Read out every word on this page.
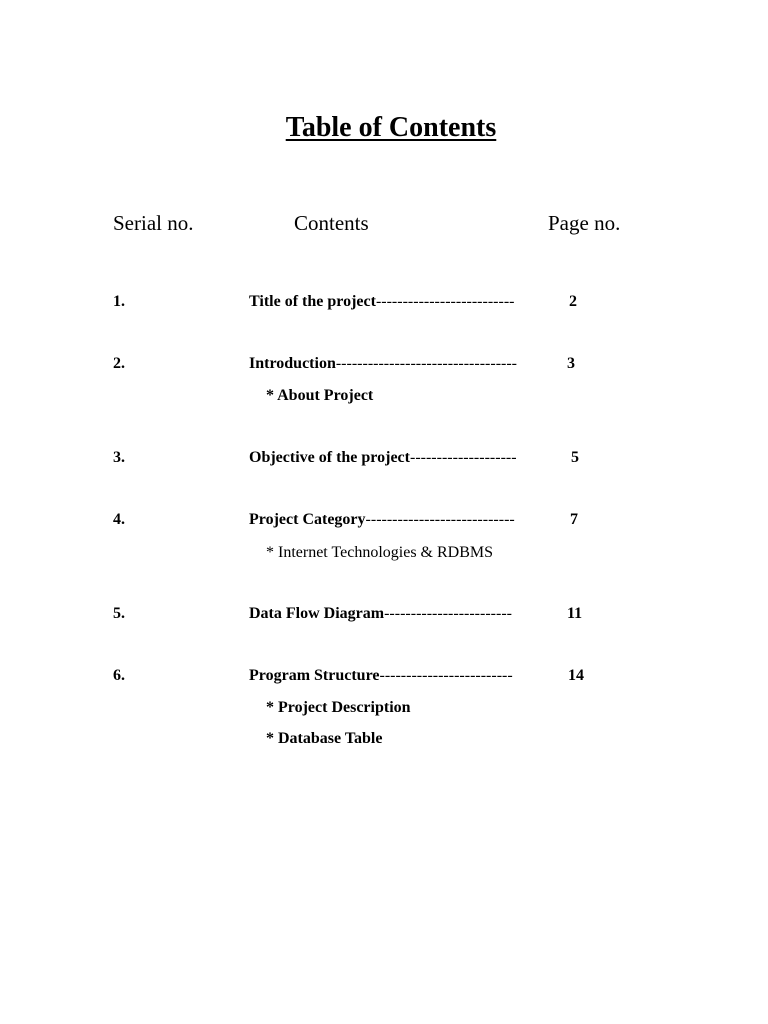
Table of Contents
Serial no.	Contents	Page no.
1.	Title of the project--------------------------	2
2.	Introduction----------------------------------	3
* About Project
3.	Objective of the project--------------------	5
4.	Project Category----------------------------	7
* Internet Technologies & RDBMS
5.	Data Flow Diagram------------------------	11
6.	Program Structure-------------------------	14
* Project Description
* Database Table
